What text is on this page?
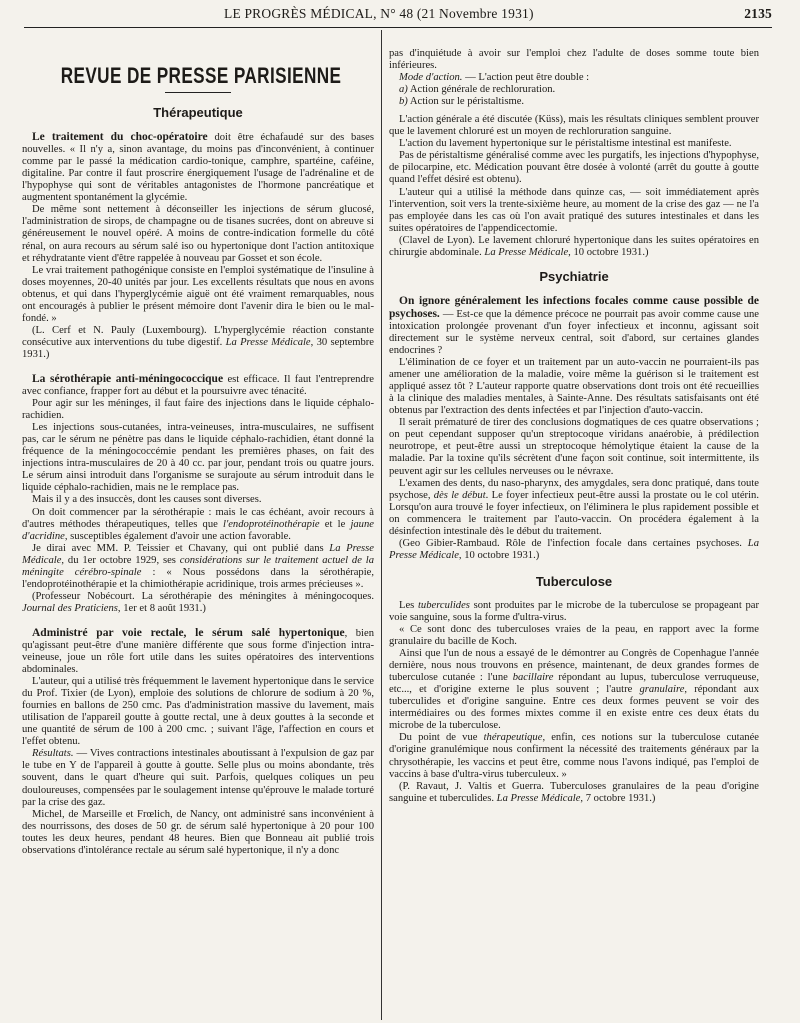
LE PROGRÈS MÉDICAL, N° 48 (21 Novembre 1931)	2135
REVUE DE PRESSE PARISIENNE
Thérapeutique

Le traitement du choc-opératoire doit être échafaudé sur des bases nouvelles. « Il n'y a, sinon avantage, du moins pas d'inconvénient, à continuer comme par le passé la médication cardio-tonique, camphre, spartéine, caféine, digitaline. Par contre il faut proscrire énergiquement l'usage de l'adrénaline et de l'hypophyse qui sont de véritables antagonistes de l'hormone pancréatique et augmentent spontanément la glycémie.

De même sont nettement à déconseiller les injections de sérum glucosé, l'administration de sirops, de champagne ou de tisanes sucrées, dont on abreuve si généreusement le nouvel opéré. A moins de contre-indication formelle du côté rénal, on aura recours au sérum salé iso ou hypertonique dont l'action antitoxique et réhydratante vient d'être rappelée à nouveau par Gosset et son école.

Le vrai traitement pathogénique consiste en l'emploi systématique de l'insuline à doses moyennes, 20-40 unités par jour. Les excellents résultats que nous en avons obtenus, et qui dans l'hyperglycémie aiguë ont été vraiment remarquables, nous ont encouragés à publier le présent mémoire dont l'avenir dira le bien ou le mal-fondé. »

(L. Cerf et N. Pauly (Luxembourg). L'hyperglycémie réaction constante consécutive aux interventions du tube digestif. La Presse Médicale, 30 septembre 1931.)

La sérothérapie anti-méningococcique est efficace. Il faut l'entreprendre avec confiance, frapper fort au début et la poursuivre avec ténacité.

Pour agir sur les méninges, il faut faire des injections dans le liquide céphalo-rachidien.

Les injections sous-cutanées, intra-veineuses, intra-musculaires, ne suffisent pas, car le sérum ne pénètre pas dans le liquide céphalo-rachidien, étant donné la fréquence de la méningococcémie pendant les premières phases, on fait des injections intra-musculaires de 20 à 40 cc. par jour, pendant trois ou quatre jours. Le sérum ainsi introduit dans l'organisme se surajoute au sérum introduit dans le liquide céphalo-rachidien, mais ne le remplace pas.

Mais il y a des insuccès, dont les causes sont diverses.

On doit commencer par la sérothérapie : mais le cas échéant, avoir recours à d'autres méthodes thérapeutiques, telles que l'endoprotéinothérapie et le jaune d'acridine, susceptibles également d'avoir une action favorable.

Je dirai avec MM. P. Teissier et Chavany, qui ont publié dans La Presse Médicale, du 1er octobre 1929, ses considérations sur le traitement actuel de la méningite cérébro-spinale : « Nous possédons dans la sérothérapie, l'endoprotéinothérapie et la chimiothérapie acridinique, trois armes précieuses ».

(Professeur Nobécourt. La sérothérapie des méningites à méningocoques. Journal des Praticiens, 1er et 8 août 1931.)

Administré par voie rectale, le sérum salé hypertonique, bien qu'agissant peut-être d'une manière différente que sous forme d'injection intra-veineuse, joue un rôle fort utile dans les suites opératoires des interventions abdominales.

L'auteur, qui a utilisé très fréquemment le lavement hypertonique dans le service du Prof. Tixier (de Lyon), emploie des solutions de chlorure de sodium à 20 %, fournies en ballons de 250 cmc. Pas d'administration massive du lavement, mais utilisation de l'appareil goutte à goutte rectal, une à deux gouttes à la seconde et une quantité de sérum de 100 à 200 cmc. ; suivant l'âge, l'affection en cours et l'effet obtenu.

Résultats. — Vives contractions intestinales aboutissant à l'expulsion de gaz par le tube en Y de l'appareil à goutte à goutte. Selle plus ou moins abondante, très souvent, dans le quart d'heure qui suit. Parfois, quelques coliques un peu douloureuses, compensées par le soulagement intense qu'éprouve le malade torturé par la crise des gaz.

Michel, de Marseille et Frœlich, de Nancy, ont administré sans inconvénient à des nourrissons, des doses de 50 gr. de sérum salé hypertonique à 20 pour 100 toutes les deux heures, pendant 48 heures. Bien que Bonneau ait publié trois observations d'intolérance rectale au sérum salé hypertonique, il n'y a donc

pas d'inquiétude à avoir sur l'emploi chez l'adulte de doses somme toute bien inférieures.

Mode d'action. — L'action peut être double :

a) Action générale de rechloruration.

b) Action sur le péristaltisme.

L'action générale a été discutée (Küss), mais les résultats cliniques semblent prouver que le lavement chloruré est un moyen de rechloruration sanguine.

L'action du lavement hypertonique sur le péristaltisme intestinal est manifeste.

Pas de péristaltisme généralisé comme avec les purgatifs, les injections d'hypophyse, de pilocarpine, etc. Médication pouvant être dosée à volonté (arrêt du goutte à goutte quand l'effet désiré est obtenu).

L'auteur qui a utilisé la méthode dans quinze cas, — soit immédiatement après l'intervention, soit vers la trente-sixième heure, au moment de la crise des gaz — ne l'a pas employée dans les cas où l'on avait pratiqué des sutures intestinales et dans les suites opératoires de l'appendicectomie.

(Clavel de Lyon). Le lavement chloruré hypertonique dans les suites opératoires en chirurgie abdominale. La Presse Médicale, 10 octobre 1931.)

Psychiatrie

On ignore généralement les infections focales comme cause possible de psychoses. — Est-ce que la démence précoce ne pourrait pas avoir comme cause une intoxication prolongée provenant d'un foyer infectieux et inconnu, agissant soit directement sur le système nerveux central, soit d'abord, sur certaines glandes endocrines ?

L'élimination de ce foyer et un traitement par un auto-vaccin ne pourraient-ils pas amener une amélioration de la maladie, voire même la guérison si le traitement est appliqué assez tôt ? L'auteur rapporte quatre observations dont trois ont été recueillies à la clinique des maladies mentales, à Sainte-Anne. Des résultats satisfaisants ont été obtenus par l'extraction des dents infectées et par l'injection d'auto-vaccin.

Il serait prématuré de tirer des conclusions dogmatiques de ces quatre observations ; on peut cependant supposer qu'un streptocoque viridans anaérobie, à prédilection neurotrope, et peut-être aussi un streptocoque hémolytique étaient la cause de la maladie. Par la toxine qu'ils sécrètent d'une façon soit continue, soit intermittente, ils peuvent agir sur les cellules nerveuses ou le névraxe.

L'examen des dents, du naso-pharynx, des amygdales, sera donc pratiqué, dans toute psychose, dès le début. Le foyer infectieux peut-être aussi la prostate ou le col utérin. Lorsqu'on aura trouvé le foyer infectieux, on l'éliminera le plus rapidement possible et on commencera le traitement par l'auto-vaccin. On procédera également à la désinfection intestinale dès le début du traitement.

(Geo Gibier-Rambaud. Rôle de l'infection focale dans certaines psychoses. La Presse Médicale, 10 octobre 1931.)

Tuberculose

Les tuberculides sont produites par le microbe de la tuberculose se propageant par voie sanguine, sous la forme d'ultra-virus.

« Ce sont donc des tuberculoses vraies de la peau, en rapport avec la forme granulaire du bacille de Koch.

Ainsi que l'un de nous a essayé de le démontrer au Congrès de Copenhague l'année dernière, nous nous trouvons en présence, maintenant, de deux grandes formes de tuberculose cutanée : l'une bacillaire répondant au lupus, tuberculose verruqueuse, etc..., et d'origine externe le plus souvent ; l'autre granulaire, répondant aux tuberculides et d'origine sanguine. Entre ces deux formes peuvent se voir des intermédiaires ou des formes mixtes comme il en existe entre ces deux états du microbe de la tuberculose.

Du point de vue thérapeutique, enfin, ces notions sur la tuberculose cutanée d'origine granulémique nous confirment la nécessité des traitements généraux par la chrysothérapie, les vaccins et peut être, comme nous l'avons indiqué, pas l'emploi de vaccins à base d'ultra-virus tuberculeux. »

(P. Ravaut, J. Valtis et Guerra. Tuberculoses granulaires de la peau d'origine sanguine et tuberculides. La Presse Médicale, 7 octobre 1931.)
